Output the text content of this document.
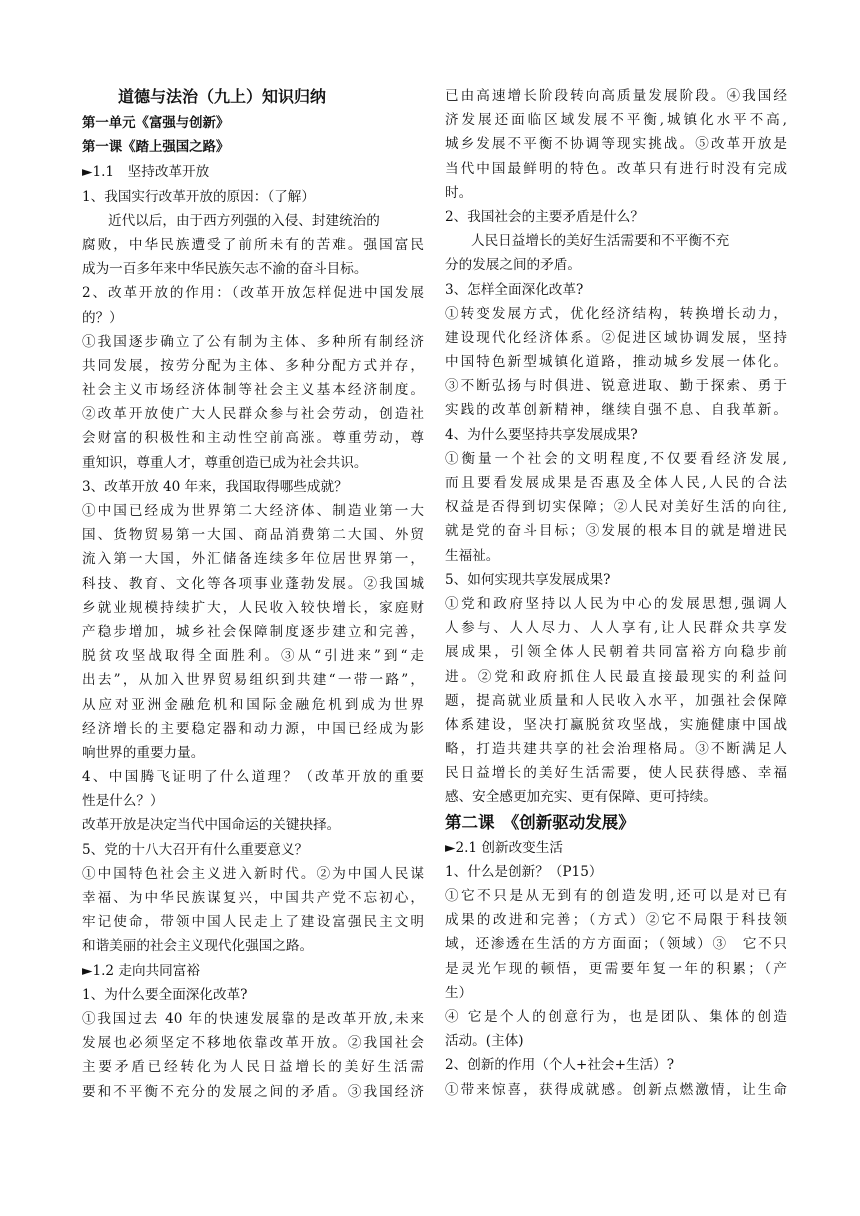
道德与法治（九上）知识归纳
第一单元《富强与创新》
第一课《踏上强国之路》
►1.1　坚持改革开放
1、我国实行改革开放的原因：（了解）
近代以后，由于西方列强的入侵、封建统治的
腐败，中华民族遭受了前所未有的苦难。强国富民
成为一百多年来中华民族矢志不渝的奋斗目标。
2、改革开放的作用：（改革开放怎样促进中国发展
的？）
①我国逐步确立了公有制为主体、多种所有制经济
共同发展，按劳分配为主体、多种分配方式并存，
社会主义市场经济体制等社会主义基本经济制度。
②改革开放使广大人民群众参与社会劳动，创造社
会财富的积极性和主动性空前高涨。尊重劳动，尊
重知识，尊重人才，尊重创造已成为社会共识。
3、改革开放 40 年来，我国取得哪些成就？
①中国已经成为世界第二大经济体、制造业第一大
国、货物贸易第一大国、商品消费第二大国、外贸
流入第一大国，外汇储备连续多年位居世界第一，
科技、教育、文化等各项事业蓬勃发展。②我国城
乡就业规模持续扩大，人民收入较快增长，家庭财
产稳步增加，城乡社会保障制度逐步建立和完善，
脱贫攻坚战取得全面胜利。③从“引进来”到“走
出去”，从加入世界贸易组织到共建“一带一路”，
从应对亚洲金融危机和国际金融危机到成为世界
经济增长的主要稳定器和动力源，中国已经成为影
响世界的重要力量。
4、中国腾飞证明了什么道理？（改革开放的重要
性是什么？）
改革开放是决定当代中国命运的关键抉择。
5、党的十八大召开有什么重要意义？
①中国特色社会主义进入新时代。②为中国人民谋
幸福、为中华民族谋复兴，中国共产党不忘初心，
牢记使命，带领中国人民走上了建设富强民主文明
和谐美丽的社会主义现代化强国之路。
►1.2 走向共同富裕
1、为什么要全面深化改革?
①我国过去 40 年的快速发展靠的是改革开放,未来
发展也必须坚定不移地依靠改革开放。②我国社会
主要矛盾已经转化为人民日益增长的美好生活需
要和不平衡不充分的发展之间的矛盾。③我国经济
已由高速增长阶段转向高质量发展阶段。④我国经
济发展还面临区域发展不平衡,城镇化水平不高,
城乡发展不平衡不协调等现实挑战。⑤改革开放是
当代中国最鲜明的特色。改革只有进行时没有完成
时。
2、我国社会的主要矛盾是什么？
人民日益增长的美好生活需要和不平衡不充
分的发展之间的矛盾。
3、怎样全面深化改革?
①转变发展方式，优化经济结构，转换增长动力，
建设现代化经济体系。②促进区域协调发展，坚持
中国特色新型城镇化道路，推动城乡发展一体化。
③不断弘扬与时俱进、锐意进取、勤于探索、勇于
实践的改革创新精神，继续自强不息、自我革新。
4、为什么要坚持共享发展成果?
①衡量一个社会的文明程度,不仅要看经济发展,
而且要看发展成果是否惠及全体人民,人民的合法
权益是否得到切实保障；②人民对美好生活的向往,
就是党的奋斗目标；③发展的根本目的就是增进民
生福祉。
5、如何实现共享发展成果?
①党和政府坚持以人民为中心的发展思想,强调人
人参与、人人尽力、人人享有,让人民群众共享发
展成果，引领全体人民朝着共同富裕方向稳步前
进。②党和政府抓住人民最直接最现实的利益问
题，提高就业质量和人民收入水平，加强社会保障
体系建设，坚决打赢脱贫攻坚战，实施健康中国战
略，打造共建共享的社会治理格局。③不断满足人
民日益增长的美好生活需要，使人民获得感、幸福
感、安全感更加充实、更有保障、更可持续。
第二课　《创新驱动发展》
►2.1 创新改变生活
1、什么是创新？（P15）
①它不只是从无到有的创造发明,还可以是对已有
成果的改进和完善；（方式）②它不局限于科技领
域，还渗透在生活的方方面面；（领域）③　它不只
是灵光乍现的顿悟，更需要年复一年的积累；（产
生）
④ 它是个人的创意行为，也是团队、集体的创造
活动。(主体)
2、创新的作用（个人+社会+生活）?
①带来惊喜，获得成就感。创新点燃激情，让生命
